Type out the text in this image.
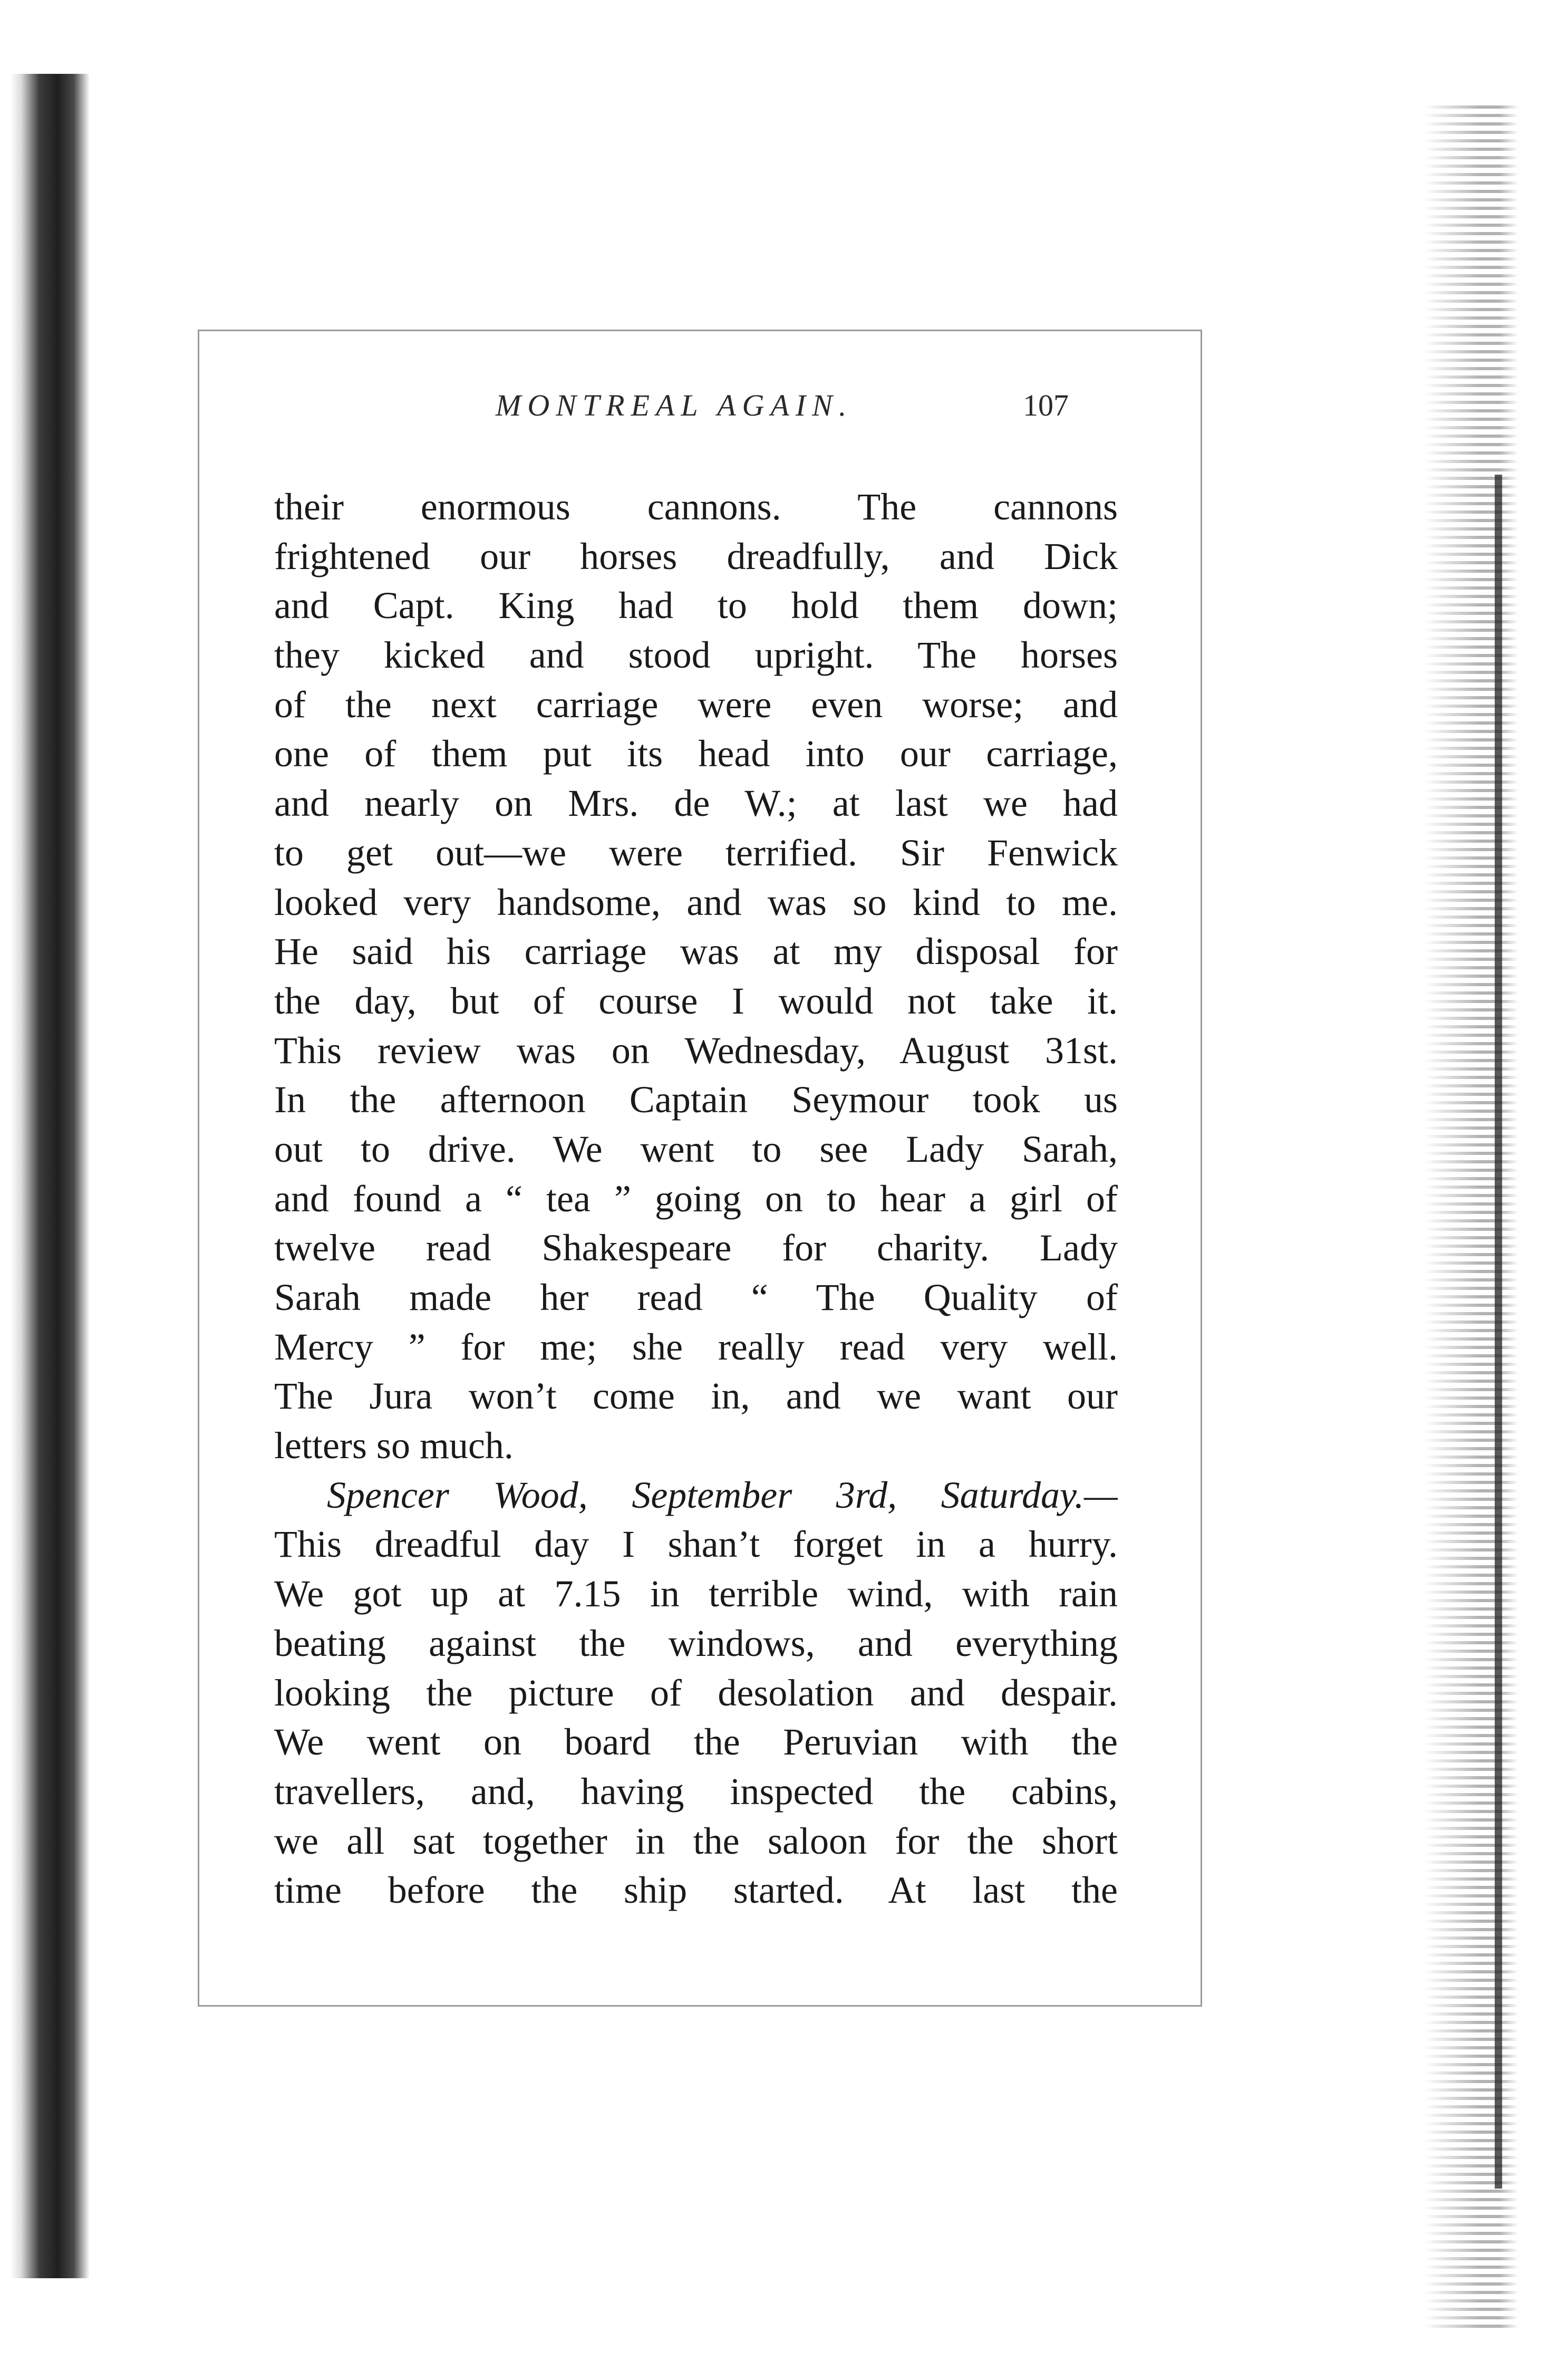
MONTREAL AGAIN.	107
their enormous cannons. The cannons
frightened our horses dreadfully, and Dick
and Capt. King had to hold them down;
they kicked and stood upright. The horses
of the next carriage were even worse; and
one of them put its head into our carriage,
and nearly on Mrs. de W.; at last we had
to get out—we were terrified. Sir Fenwick
looked very handsome, and was so kind to me.
He said his carriage was at my disposal for
the day, but of course I would not take it.
This review was on Wednesday, August 31st.
In the afternoon Captain Seymour took us
out to drive. We went to see Lady Sarah,
and found a “ tea ” going on to hear a girl of
twelve read Shakespeare for charity. Lady
Sarah made her read “ The Quality of
Mercy ” for me; she really read very well.
The Jura won’t come in, and we want our
letters so much.
Spencer Wood, September 3rd, Saturday.—
This dreadful day I shan’t forget in a hurry.
We got up at 7.15 in terrible wind, with rain
beating against the windows, and everything
looking the picture of desolation and despair.
We went on board the Peruvian with the
travellers, and, having inspected the cabins,
we all sat together in the saloon for the short
time before the ship started. At last the
